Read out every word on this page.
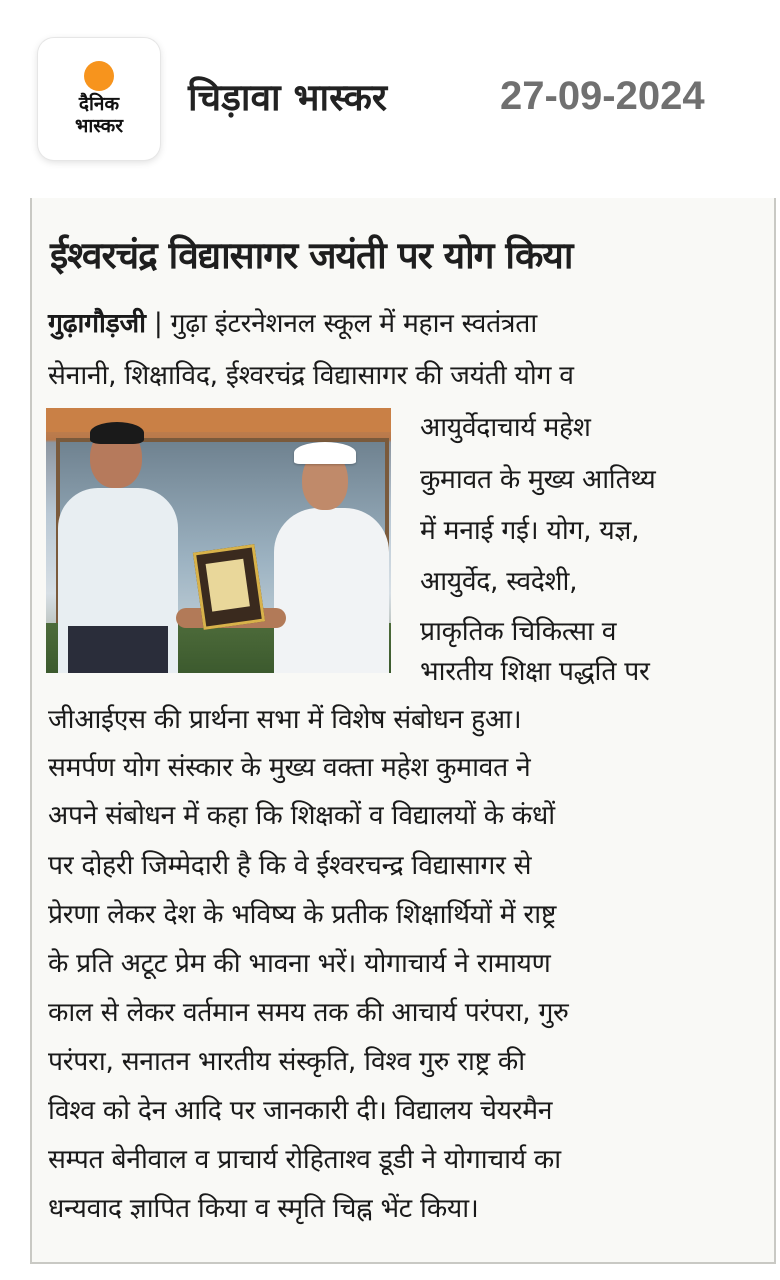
दैनिक
भास्कर
चिड़ावा भास्कर	27-09-2024
ईश्वरचंद्र विद्यासागर जयंती पर योग किया
गुढ़ागौड़जी | गुढ़ा इंटरनेशनल स्कूल में महान स्वतंत्रता
सेनानी, शिक्षाविद, ईश्वरचंद्र विद्यासागर की जयंती योग व
आयुर्वेदाचार्य महेश
कुमावत के मुख्य आतिथ्य
में मनाई गई। योग, यज्ञ,
आयुर्वेद, स्वदेशी,
प्राकृतिक चिकित्सा व
भारतीय शिक्षा पद्धति पर
जीआईएस की प्रार्थना सभा में विशेष संबोधन हुआ।
समर्पण योग संस्कार के मुख्य वक्ता महेश कुमावत ने
अपने संबोधन में कहा कि शिक्षकों व विद्यालयों के कंधों
पर दोहरी जिम्मेदारी है कि वे ईश्वरचन्द्र विद्यासागर से
प्रेरणा लेकर देश के भविष्य के प्रतीक शिक्षार्थियों में राष्ट्र
के प्रति अटूट प्रेम की भावना भरें। योगाचार्य ने रामायण
काल से लेकर वर्तमान समय तक की आचार्य परंपरा, गुरु
परंपरा, सनातन भारतीय संस्कृति, विश्व गुरु राष्ट्र की
विश्व को देन आदि पर जानकारी दी। विद्यालय चेयरमैन
सम्पत बेनीवाल व प्राचार्य रोहिताश्व डूडी ने योगाचार्य का
धन्यवाद ज्ञापित किया व स्मृति चिह्न भेंट किया।
